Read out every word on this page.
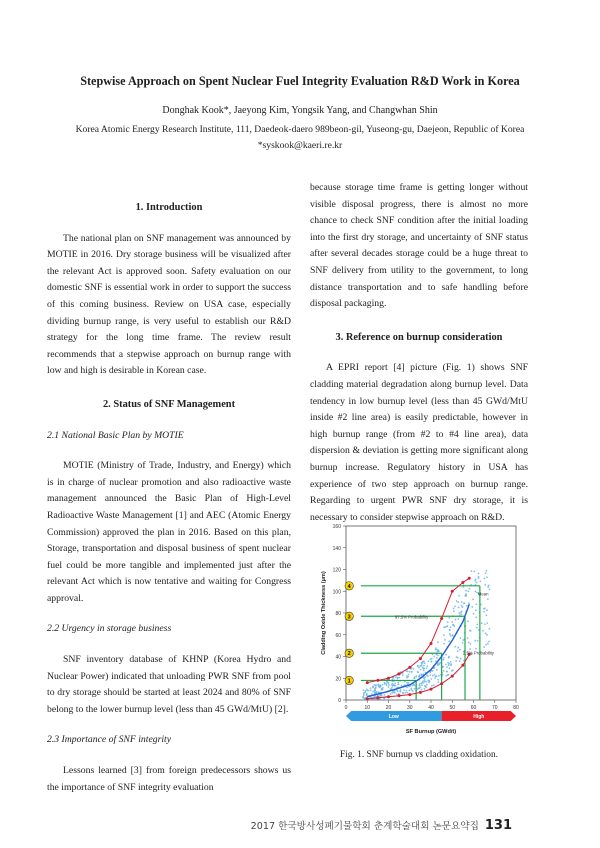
Stepwise Approach on Spent Nuclear Fuel Integrity Evaluation R&D Work in Korea
Donghak Kook*, Jaeyong Kim, Yongsik Yang, and Changwhan Shin
Korea Atomic Energy Research Institute, 111, Daedeok-daero 989beon-gil, Yuseong-gu, Daejeon, Republic of Korea
*syskook@kaeri.re.kr
1. Introduction

The national plan on SNF management was announced by MOTIE in 2016. Dry storage business will be visualized after the relevant Act is approved soon. Safety evaluation on our domestic SNF is essential work in order to support the success of this coming business. Review on USA case, especially dividing burnup range, is very useful to establish our R&D strategy for the long time frame. The review result recommends that a stepwise approach on burnup range with low and high is desirable in Korean case.

2. Status of SNF Management
2.1 National Basic Plan by MOTIE

MOTIE (Ministry of Trade, Industry, and Energy) which is in charge of nuclear promotion and also radioactive waste management announced the Basic Plan of High-Level Radioactive Waste Management [1] and AEC (Atomic Energy Commission) approved the plan in 2016. Based on this plan, Storage, transportation and disposal business of spent nuclear fuel could be more tangible and implemented just after the relevant Act which is now tentative and waiting for Congress approval.

2.2 Urgency in storage business

SNF inventory database of KHNP (Korea Hydro and Nuclear Power) indicated that unloading PWR SNF from pool to dry storage should be started at least 2024 and 80% of SNF belong to the lower burnup level (less than 45 GWd/MtU) [2].

2.3 Importance of SNF integrity

Lessons learned [3] from foreign predecessors shows us the importance of SNF integrity evaluation

because storage time frame is getting longer without visible disposal progress, there is almost no more chance to check SNF condition after the initial loading into the first dry storage, and uncertainty of SNF status after several decades storage could be a huge threat to SNF delivery from utility to the government, to long distance transportation and to safe handling before disposal packaging.
3. Reference on burnup consideration

A EPRI report [4] picture (Fig. 1) shows SNF cladding material degradation along burnup level. Data tendency in low burnup level (less than 45 GWd/MtU inside #2 line area) is easily predictable, however in high burnup range (from #2 to #4 line area), data dispersion & deviation is getting more significant along burnup increase. Regulatory history in USA has experience of two step approach on burnup range. Regarding to urgent PWR SNF dry storage, it is necessary to consider stepwise approach on R&D.

0
20
40
60
80
100
120
140
160
0	10	20	30	40	50	60	70	80
1
2
3
4
Mean
97.5% Probability
2.5% Probability
Cladding Oxide Thickness (µm)
Low	High
SF Burnup (GWd/t)
Fig. 1. SNF burnup vs cladding oxidation.
2017 한국방사성폐기물학회 춘계학술대회 논문요약집 131
